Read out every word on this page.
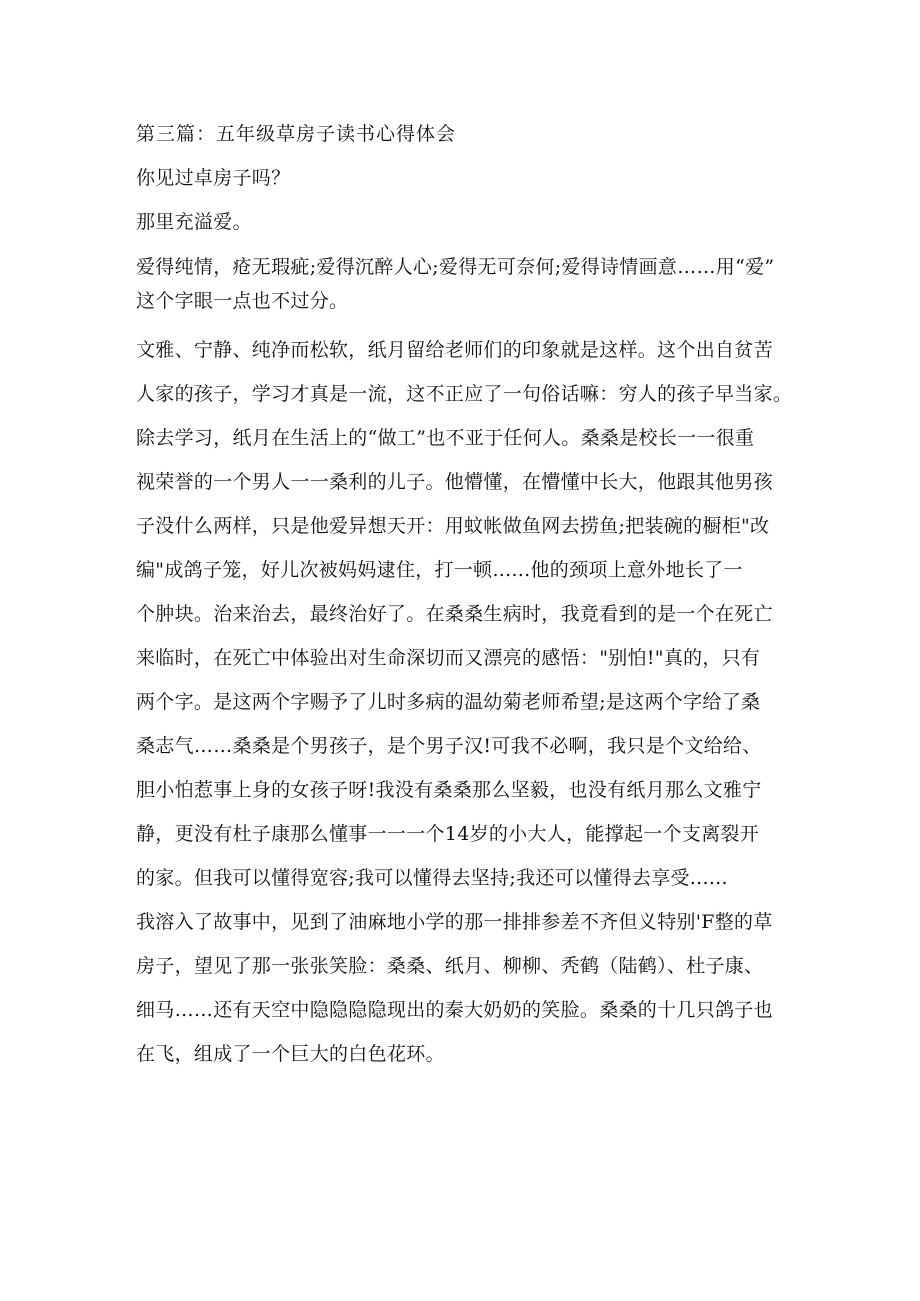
第三篇：五年级草房子读书心得体会
你见过卓房子吗？
那里充溢爱。
爱得纯情，疮无瑕疵;爱得沉醉人心;爱得无可奈何;爱得诗情画意……用“爱”
这个字眼一点也不过分。
文雅、宁静、纯净而松软，纸月留给老师们的印象就是这样。这个出自贫苦
人家的孩子，学习才真是一流，这不正应了一句俗话嘛：穷人的孩子早当家。
除去学习，纸月在生活上的“做工”也不亚于任何人。桑桑是校长一一很重
视荣誉的一个男人一一桑利的儿子。他懵懂，在懵懂中长大，他跟其他男孩
子没什么两样，只是他爱异想天开：用蚊帐做鱼网去捞鱼;把装碗的橱柜"改
编"成鸽子笼，好儿次被妈妈逮住，打一顿......他的颈项上意外地长了一
个肿块。治来治去，最终治好了。在桑桑生病时，我竟看到的是一个在死亡
来临时，在死亡中体验出对生命深切而又漂亮的感悟："别怕!"真的，只有
两个字。是这两个字赐予了儿时多病的温幼菊老师希望;是这两个字给了桑
桑志气……桑桑是个男孩子，是个男子汉!可我不必啊，我只是个文给给、
胆小怕惹事上身的女孩子呀!我没有桑桑那么坚毅，也没有纸月那么文雅宁
静，更没有杜子康那么懂事一一一个14岁的小大人，能撑起一个支离裂开
的家。但我可以懂得宽容;我可以懂得去坚持;我还可以懂得去享受......
我溶入了故事中，见到了油麻地小学的那一排排参差不齐但义特别'F整的草
房子，望见了那一张张笑脸：桑桑、纸月、柳柳、秃鹤（陆鹤）、杜子康、
细马……还有天空中隐隐隐隐现出的秦大奶奶的笑脸。桑桑的十几只鸽子也
在飞，组成了一个巨大的白色花环。
